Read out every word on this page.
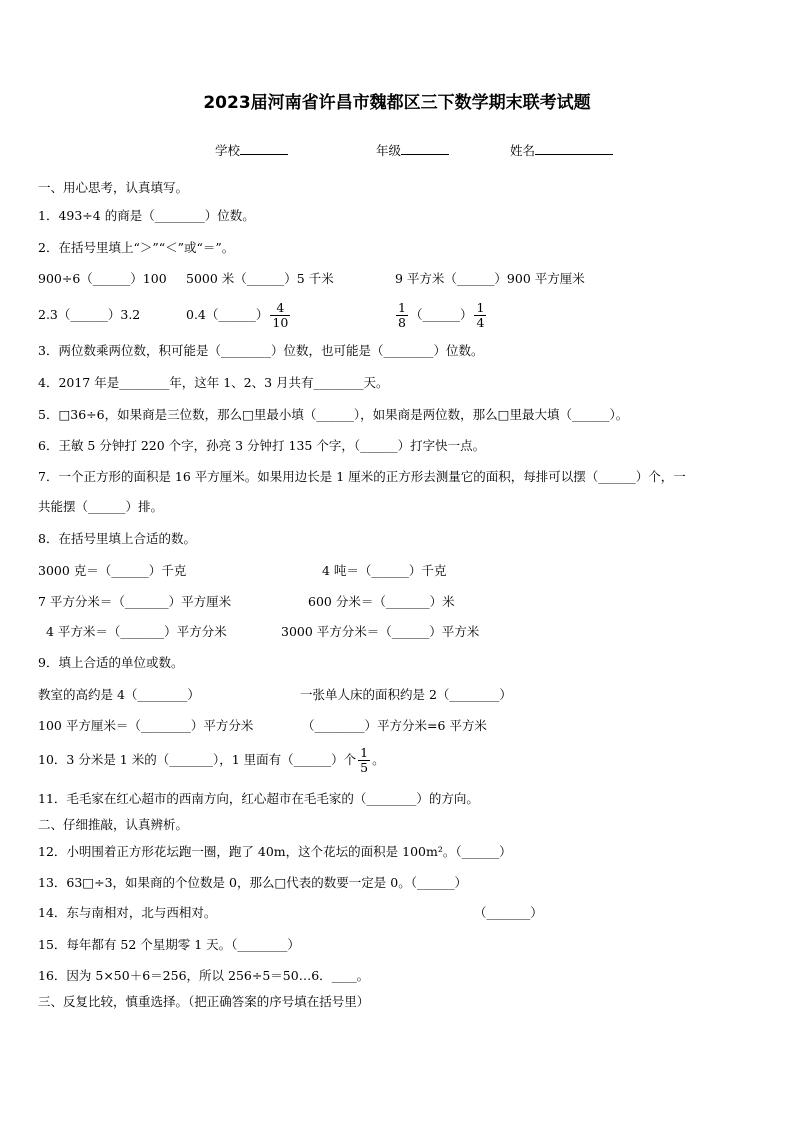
2023届河南省许昌市魏都区三下数学期末联考试题
学校	年级	姓名
一、用心思考，认真填写。
1．493÷4 的商是（________）位数。
2．在括号里填上“＞”“＜”或“＝”。
900÷6（______）100 5000 米（______）5 千米	9 平方米（______）900 平方厘米
2.3（______）3.2	0.4（______） $\frac{4}{10}$	$\frac{1}{8}$ （______） $\frac{1}{4}$
3．两位数乘两位数，积可能是（________）位数，也可能是（________）位数。
4．2017 年是________年，这年 1、2、3 月共有________天。
5．□36÷6，如果商是三位数，那么□里最小填（______），如果商是两位数，那么□里最大填（______）。
6．王敏 5 分钟打 220 个字，孙亮 3 分钟打 135 个字，（______）打字快一点。
7．一个正方形的面积是 16 平方厘米。如果用边长是 1 厘米的正方形去测量它的面积，每排可以摆（______）个，一
共能摆（______）排。
8．在括号里填上合适的数。
3000 克＝（______）千克	4 吨＝（______）千克
7 平方分米＝（_______）平方厘米	600 分米＝（_______）米
4 平方米＝（_______）平方分米	3000 平方分米＝（______）平方米
9．填上合适的单位或数。
教室的高约是 4（________）	一张单人床的面积约是 2（________）
100 平方厘米＝（________）平方分米	（________）平方分米=6 平方米
10．3 分米是 1 米的（_______），1 里面有（______）个 $\frac{1}{5}$ 。
11．毛毛家在红心超市的西南方向，红心超市在毛毛家的（________）的方向。
二、仔细推敲，认真辨析。
12．小明围着正方形花坛跑一圈，跑了 40m，这个花坛的面积是 100m²。（______）
13．63□÷3，如果商的个位数是 0，那么□代表的数要一定是 0。（______）
14．东与南相对，北与西相对。	（_______）
15．每年都有 52 个星期零 1 天。（________）
16．因为 5×50＋6＝256，所以 256÷5＝50…6．____。
三、反复比较，慎重选择。（把正确答案的序号填在括号里）
